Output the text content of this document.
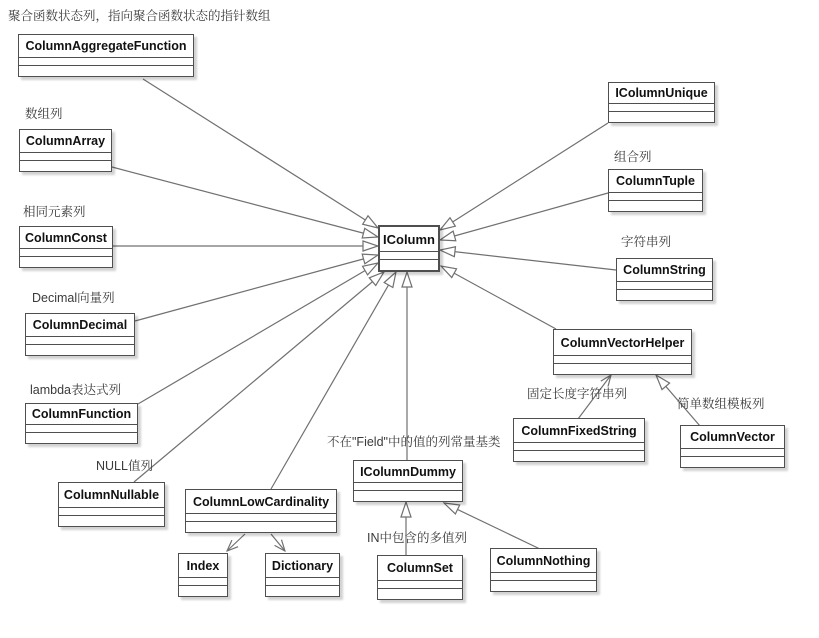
ColumnAggregateFunction
ColumnArray
ColumnConst
ColumnDecimal
ColumnFunction
ColumnNullable	ColumnLowCardinality
Index	Dictionary
IColumn
IColumnUnique
ColumnTuple
ColumnString
ColumnVectorHelper
ColumnFixedString	ColumnVector
IColumnDummy
ColumnSet
ColumnNothing
聚合函数状态列，指向聚合函数状态的指针数组
数组列
相同元素列
Decimal向量列
lambda表达式列
NULL值列
组合列
字符串列
固定长度字符串列
简单数组模板列
不在"Field"中的值的列常量基类
IN中包含的多值列
